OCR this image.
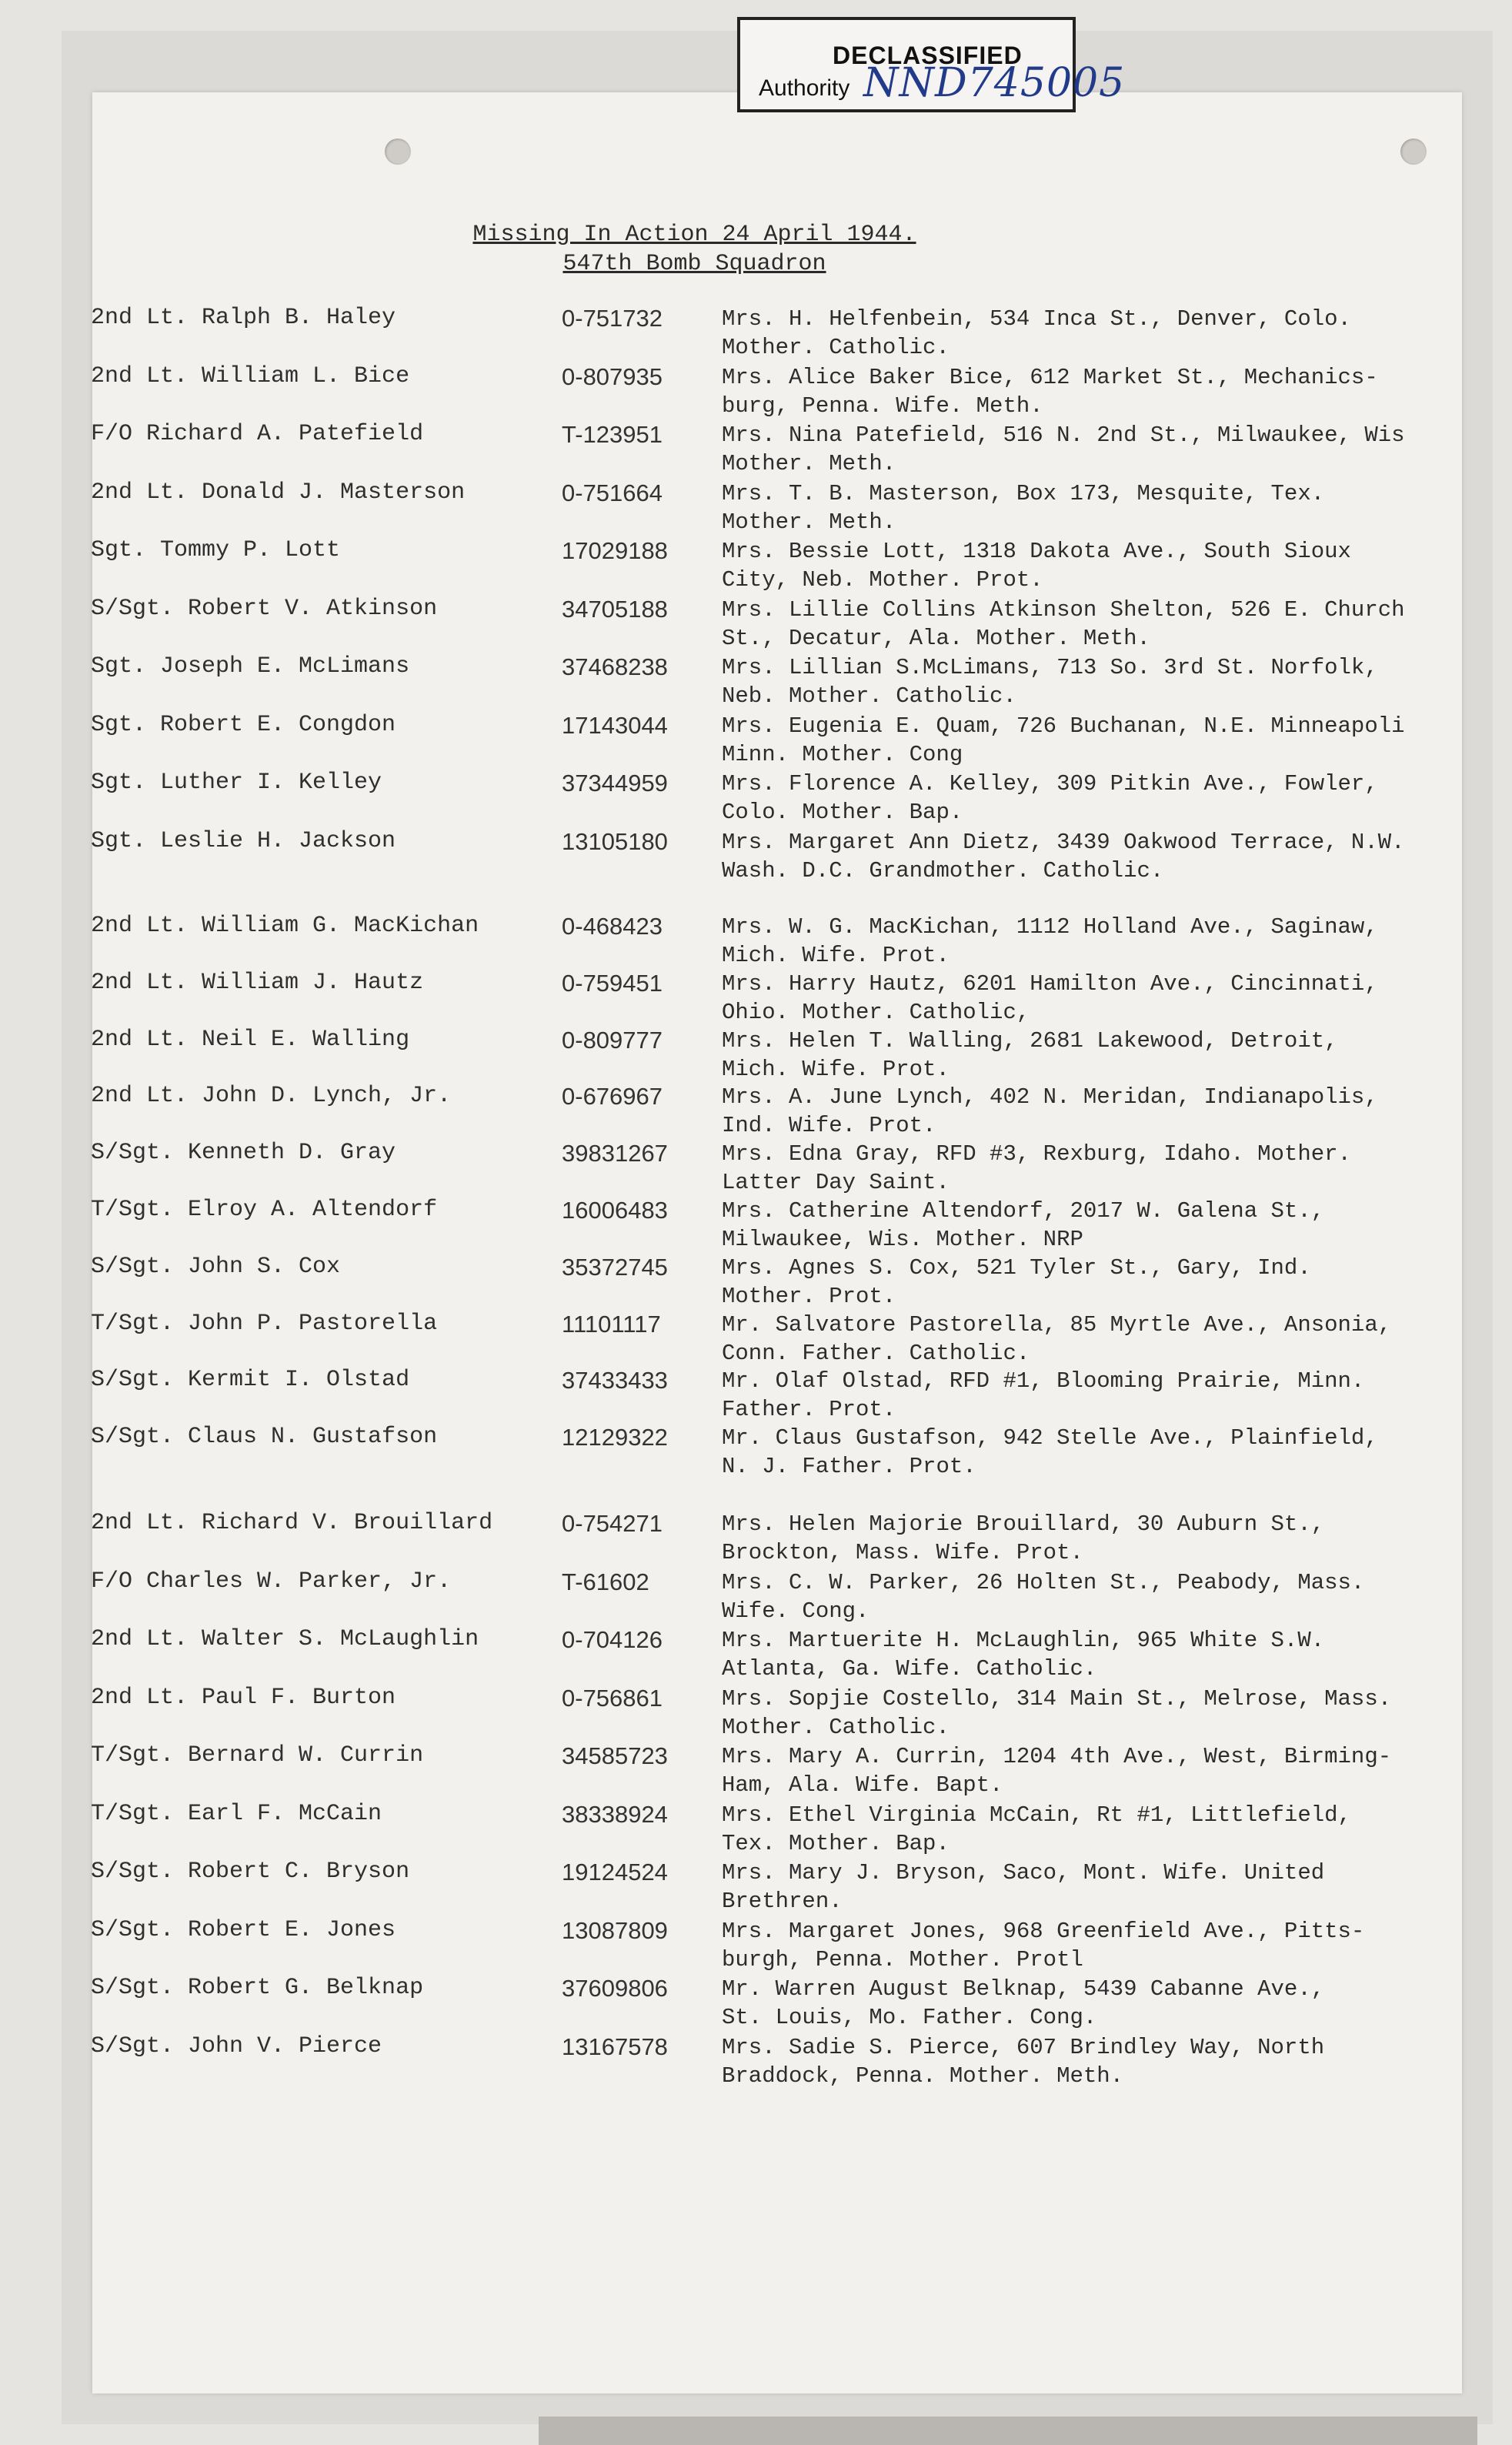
DECLASSIFIED
Authority NND745005
Missing In Action 24 April 1944.
547th Bomb Squadron
2nd Lt. Ralph B. Haley	0-751732	Mrs. H. Helfenbein, 534 Inca St., Denver, Colo.
Mother. Catholic.
2nd Lt. William L. Bice	0-807935	Mrs. Alice Baker Bice, 612 Market St., Mechanics-
burg, Penna. Wife. Meth.
F/O Richard A. Patefield	T-123951	Mrs. Nina Patefield, 516 N. 2nd St., Milwaukee, Wis
Mother. Meth.
2nd Lt. Donald J. Masterson	0-751664	Mrs. T. B. Masterson, Box 173, Mesquite, Tex.
Mother. Meth.
Sgt. Tommy P. Lott	17029188 Mrs. Bessie Lott, 1318 Dakota Ave., South Sioux
City, Neb. Mother. Prot.
S/Sgt. Robert V. Atkinson	34705188 Mrs. Lillie Collins Atkinson Shelton, 526 E. Church
St., Decatur, Ala. Mother. Meth.
Sgt. Joseph E. McLimans	37468238 Mrs. Lillian S.McLimans, 713 So. 3rd St. Norfolk,
Neb. Mother. Catholic.
Sgt. Robert E. Congdon	17143044 Mrs. Eugenia E. Quam, 726 Buchanan, N.E. Minneapoli
Minn. Mother. Cong
Sgt. Luther I. Kelley	37344959 Mrs. Florence A. Kelley, 309 Pitkin Ave., Fowler,
Colo. Mother. Bap.
Sgt. Leslie H. Jackson	13105180 Mrs. Margaret Ann Dietz, 3439 Oakwood Terrace, N.W.
Wash. D.C. Grandmother. Catholic.
2nd Lt. William G. MacKichan	0-468423	Mrs. W. G. MacKichan, 1112 Holland Ave., Saginaw,
Mich. Wife. Prot.
2nd Lt. William J. Hautz	0-759451	Mrs. Harry Hautz, 6201 Hamilton Ave., Cincinnati,
Ohio. Mother. Catholic,
2nd Lt. Neil E. Walling	0-809777	Mrs. Helen T. Walling, 2681 Lakewood, Detroit,
Mich. Wife. Prot.
2nd Lt. John D. Lynch, Jr.	0-676967	Mrs. A. June Lynch, 402 N. Meridan, Indianapolis,
Ind. Wife. Prot.
S/Sgt. Kenneth D. Gray	39831267 Mrs. Edna Gray, RFD #3, Rexburg, Idaho. Mother.
Latter Day Saint.
T/Sgt. Elroy A. Altendorf	16006483 Mrs. Catherine Altendorf, 2017 W. Galena St.,
Milwaukee, Wis. Mother. NRP
S/Sgt. John S. Cox	35372745 Mrs. Agnes S. Cox, 521 Tyler St., Gary, Ind.
Mother. Prot.
T/Sgt. John P. Pastorella	11101117	Mr. Salvatore Pastorella, 85 Myrtle Ave., Ansonia,
Conn. Father. Catholic.
S/Sgt. Kermit I. Olstad	37433433 Mr. Olaf Olstad, RFD #1, Blooming Prairie, Minn.
Father. Prot.
S/Sgt. Claus N. Gustafson	12129322 Mr. Claus Gustafson, 942 Stelle Ave., Plainfield,
N. J. Father. Prot.
2nd Lt. Richard V. Brouillard	0-754271	Mrs. Helen Majorie Brouillard, 30 Auburn St.,
Brockton, Mass. Wife. Prot.
F/O Charles W. Parker, Jr.	T-61602	Mrs. C. W. Parker, 26 Holten St., Peabody, Mass.
Wife. Cong.
2nd Lt. Walter S. McLaughlin	0-704126	Mrs. Martuerite H. McLaughlin, 965 White S.W.
Atlanta, Ga. Wife. Catholic.
2nd Lt. Paul F. Burton	0-756861	Mrs. Sopjie Costello, 314 Main St., Melrose, Mass.
Mother. Catholic.
T/Sgt. Bernard W. Currin	34585723 Mrs. Mary A. Currin, 1204 4th Ave., West, Birming-
Ham, Ala. Wife. Bapt.
T/Sgt. Earl F. McCain	38338924 Mrs. Ethel Virginia McCain, Rt #1, Littlefield,
Tex. Mother. Bap.
S/Sgt. Robert C. Bryson	19124524 Mrs. Mary J. Bryson, Saco, Mont. Wife. United
Brethren.
S/Sgt. Robert E. Jones	13087809 Mrs. Margaret Jones, 968 Greenfield Ave., Pitts-
burgh, Penna. Mother. Protl
S/Sgt. Robert G. Belknap	37609806 Mr. Warren August Belknap, 5439 Cabanne Ave.,
St. Louis, Mo. Father. Cong.
S/Sgt. John V. Pierce	13167578 Mrs. Sadie S. Pierce, 607 Brindley Way, North
Braddock, Penna. Mother. Meth.
